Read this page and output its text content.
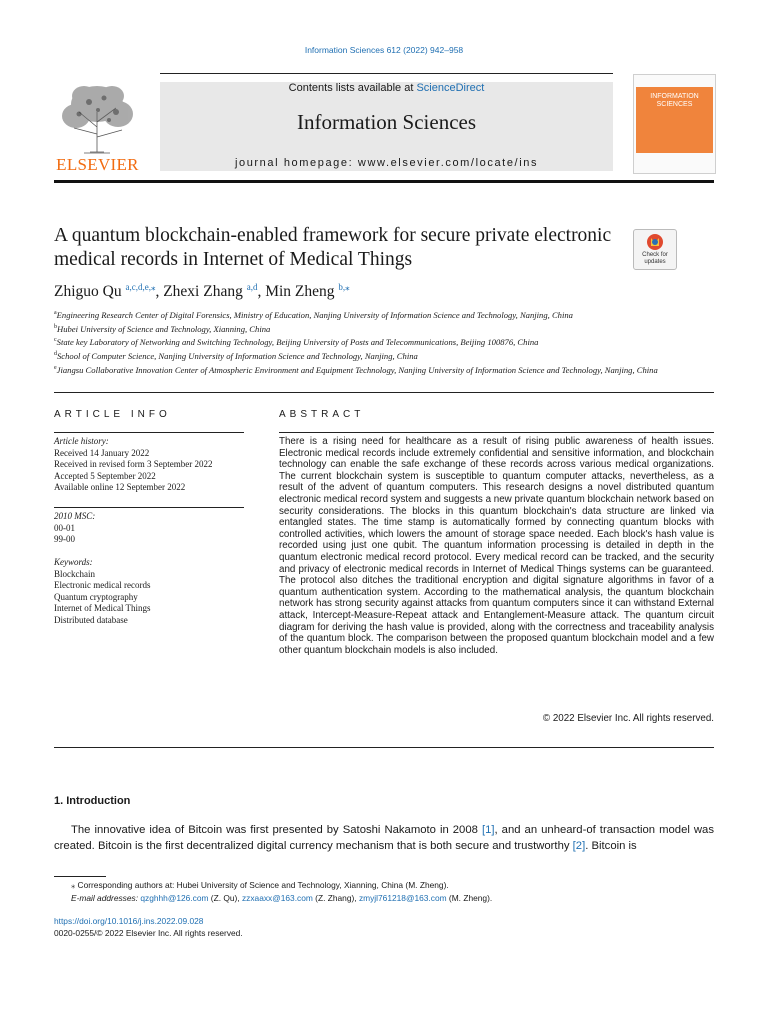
Information Sciences 612 (2022) 942–958
Contents lists available at ScienceDirect
Information Sciences
journal homepage: www.elsevier.com/locate/ins
ELSEVIER
INFORMATION SCIENCES
A quantum blockchain-enabled framework for secure private electronic medical records in Internet of Medical Things	Check for updates
Zhiguo Qu $^{a,c,d,e,⁎}$, Zhexi Zhang $^{a,d}$, Min Zheng $^{b,⁎}$
$^a$Engineering Research Center of Digital Forensics, Ministry of Education, Nanjing University of Information Science and Technology, Nanjing, China
$^b$Hubei University of Science and Technology, Xianning, China
$^c$State key Laboratory of Networking and Switching Technology, Beijing University of Posts and Telecommunications, Beijing 100876, China
$^d$School of Computer Science, Nanjing University of Information Science and Technology, Nanjing, China
$^e$Jiangsu Collaborative Innovation Center of Atmospheric Environment and Equipment Technology, Nanjing University of Information Science and Technology, Nanjing, China
ARTICLE INFO
Article history:
Received 14 January 2022
Received in revised form 3 September 2022
Accepted 5 September 2022
Available online 12 September 2022
2010 MSC:
00-01
99-00
Keywords:
Blockchain
Electronic medical records
Quantum cryptography
Internet of Medical Things
Distributed database
ABSTRACT
There is a rising need for healthcare as a result of rising public awareness of health issues. Electronic medical records include extremely confidential and sensitive information, and blockchain technology can enable the safe exchange of these records across various medical organizations. The current blockchain system is susceptible to quantum computer attacks, nevertheless, as a result of the advent of quantum computers. This research designs a novel distributed quantum electronic medical record system and suggests a new private quantum blockchain network based on security considerations. The blocks in this quantum blockchain's data structure are linked via entangled states. The time stamp is automatically formed by connecting quantum blocks with controlled activities, which lowers the amount of storage space needed. Each block's hash value is recorded using just one qubit. The quantum information processing is detailed in depth in the quantum electronic medical record protocol. Every medical record can be tracked, and the security and privacy of electronic medical records in Internet of Medical Things systems can be guaranteed. The protocol also ditches the traditional encryption and digital signature algorithms in favor of a quantum authentication system. According to the mathematical analysis, the quantum blockchain network has strong security against attacks from quantum computers since it can withstand External attack, Intercept-Measure-Repeat attack and Entanglement-Measure attack. The quantum circuit diagram for deriving the hash value is provided, along with the correctness and traceability analysis of the quantum block. The comparison between the proposed quantum blockchain model and a few other quantum blockchain models is also included.
© 2022 Elsevier Inc. All rights reserved.
1. Introduction
The innovative idea of Bitcoin was first presented by Satoshi Nakamoto in 2008 [1], and an unheard-of transaction model was created. Bitcoin is the first decentralized digital currency mechanism that is both secure and trustworthy [2]. Bitcoin is
⁎ Corresponding authors at: Hubei University of Science and Technology, Xianning, China (M. Zheng).
E-mail addresses: qzghhh@126.com (Z. Qu), zzxaaxx@163.com (Z. Zhang), zmyjl761218@163.com (M. Zheng).
https://doi.org/10.1016/j.ins.2022.09.028
0020-0255/© 2022 Elsevier Inc. All rights reserved.
